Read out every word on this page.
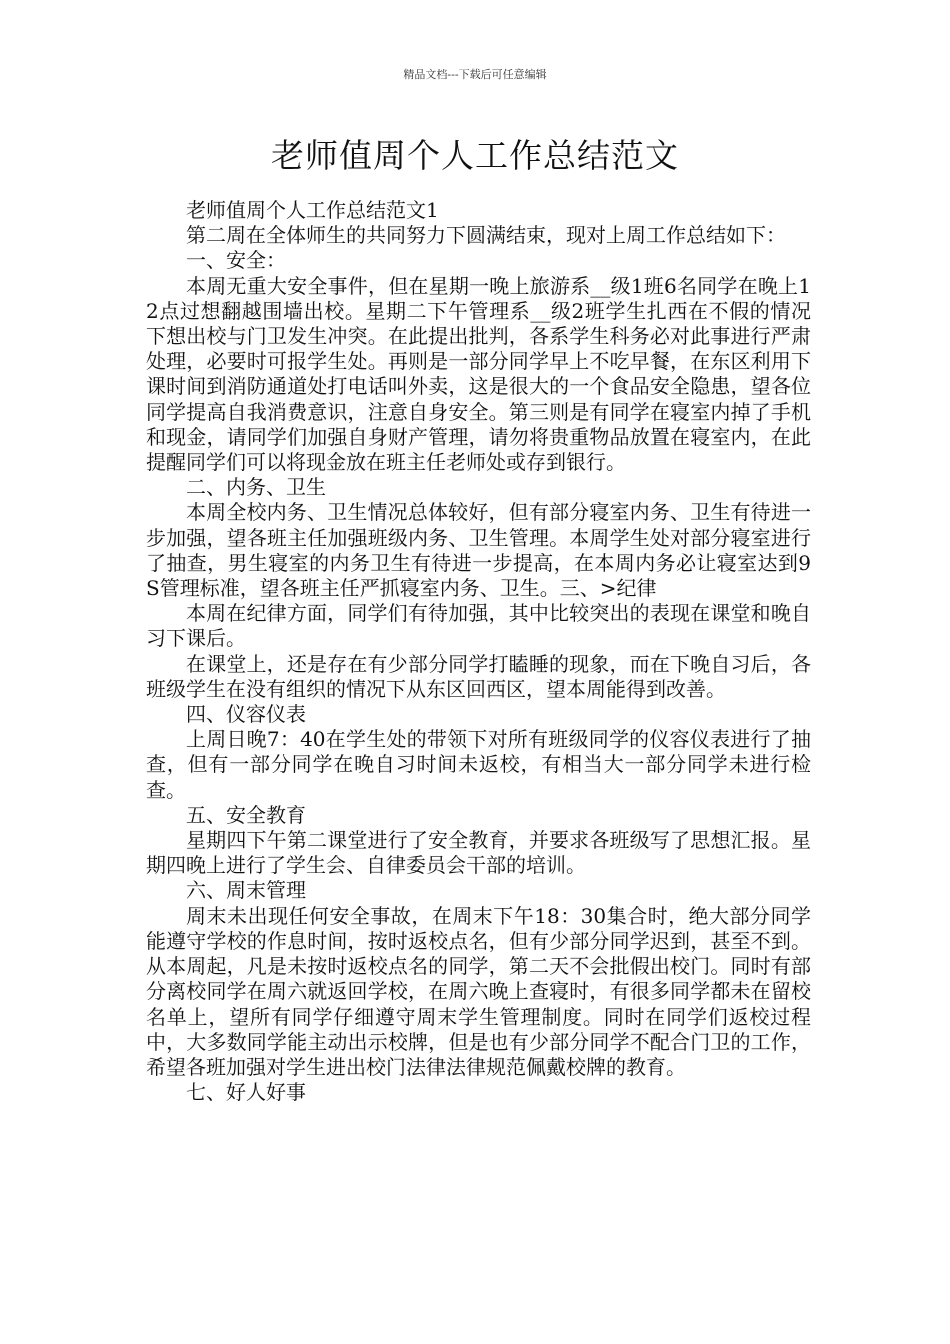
精品文档---下载后可任意编辑
老师值周个人工作总结范文

老师值周个人工作总结范文1

第二周在全体师生的共同努力下圆满结束，现对上周工作总结如下：

一、安全：

本周无重大安全事件，但在星期一晚上旅游系__级1班6名同学在晚上12点过想翻越围墙出校。星期二下午管理系__级2班学生扎西在不假的情况下想出校与门卫发生冲突。在此提出批判，各系学生科务必对此事进行严肃处理，必要时可报学生处。再则是一部分同学早上不吃早餐，在东区利用下课时间到消防通道处打电话叫外卖，这是很大的一个食品安全隐患，望各位同学提高自我消费意识，注意自身安全。第三则是有同学在寝室内掉了手机和现金，请同学们加强自身财产管理，请勿将贵重物品放置在寝室内，在此提醒同学们可以将现金放在班主任老师处或存到银行。

二、内务、卫生

本周全校内务、卫生情况总体较好，但有部分寝室内务、卫生有待进一步加强，望各班主任加强班级内务、卫生管理。本周学生处对部分寝室进行了抽查，男生寝室的内务卫生有待进一步提高，在本周内务必让寝室达到9S管理标准，望各班主任严抓寝室内务、卫生。三、>纪律

本周在纪律方面，同学们有待加强，其中比较突出的表现在课堂和晚自习下课后。

在课堂上，还是存在有少部分同学打瞌睡的现象，而在下晚自习后，各班级学生在没有组织的情况下从东区回西区，望本周能得到改善。

四、仪容仪表

上周日晚7：40在学生处的带领下对所有班级同学的仪容仪表进行了抽查，但有一部分同学在晚自习时间未返校，有相当大一部分同学未进行检查。

五、安全教育

星期四下午第二课堂进行了安全教育，并要求各班级写了思想汇报。星期四晚上进行了学生会、自律委员会干部的培训。

六、周末管理

周末未出现任何安全事故，在周末下午18：30集合时，绝大部分同学能遵守学校的作息时间，按时返校点名，但有少部分同学迟到，甚至不到。从本周起，凡是未按时返校点名的同学，第二天不会批假出校门。同时有部分离校同学在周六就返回学校，在周六晚上查寝时，有很多同学都未在留校名单上，望所有同学仔细遵守周末学生管理制度。同时在同学们返校过程中，大多数同学能主动出示校牌，但是也有少部分同学不配合门卫的工作，希望各班加强对学生进出校门法律法律规范佩戴校牌的教育。

七、好人好事
